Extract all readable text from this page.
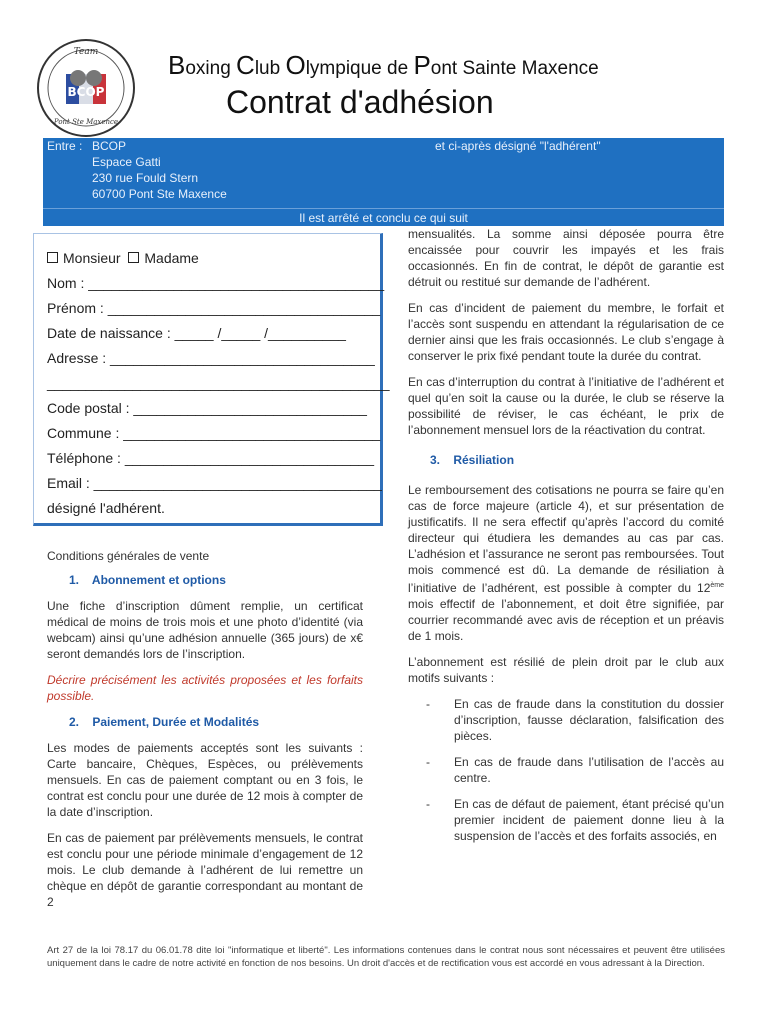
Team
BCOP
Pont Ste Maxence
Boxing Club Olympique de Pont Sainte Maxence
Contrat d'adhésion
Entre : BCOP
Espace Gatti
230 rue Fould Stern
60700 Pont Ste Maxence
et ci-après désigné "l'adhérent"
Il est arrêté et conclu ce qui suit
Monsieur Madame
Nom : ______________________________________
Prénom : ___________________________________
Date de naissance : _____ /_____ /__________
Adresse : __________________________________
____________________________________________
Code postal : ______________________________
Commune : _________________________________
Téléphone : ________________________________
Email : _____________________________________
désigné l'adhérent.

Conditions générales de vente

1.    Abonnement et options

Une fiche d’inscription dûment remplie, un certificat médical de moins de trois mois et une photo d’identité (via webcam) ainsi qu’une adhésion annuelle (365 jours) de x€ seront demandés lors de l’inscription.

Décrire précisément les activités proposées et les forfaits possible.

2.    Paiement, Durée et Modalités

Les modes de paiements acceptés sont les suivants : Carte bancaire, Chèques, Espèces, ou prélèvements mensuels. En cas de paiement comptant ou en 3 fois, le contrat est conclu pour une durée de 12 mois à compter de la date d’inscription.

En cas de paiement par prélèvements mensuels, le contrat est conclu pour une période minimale d’engagement de 12 mois. Le club demande à l’adhérent de lui remettre un chèque en dépôt de garantie correspondant au montant de 2

mensualités. La somme ainsi déposée pourra être encaissée pour couvrir les impayés et les frais occasionnés. En fin de contrat, le dépôt de garantie est détruit ou restitué sur demande de l’adhérent.

En cas d’incident de paiement du membre, le forfait et l’accès sont suspendu en attendant la régularisation de ce dernier ainsi que les frais occasionnés. Le club s’engage à conserver le prix fixé pendant toute la durée du contrat.

En cas d’interruption du contrat à l’initiative de l’adhérent et quel qu’en soit la cause ou la durée, le club se réserve la possibilité de réviser, le cas échéant, le prix de l’abonnement mensuel lors de la réactivation du contrat.

3.    Résiliation

Le remboursement des cotisations ne pourra se faire qu’en cas de force majeure (article 4), et sur présentation de justificatifs. Il ne sera effectif qu’après l’accord du comité directeur qui étudiera les demandes au cas par cas. L’adhésion et l’assurance ne seront pas remboursées. Tout mois commencé est dû. La demande de résiliation à l’initiative de l’adhérent, est possible à compter du 12ème mois effectif de l’abonnement, et doit être signifiée, par courrier recommandé avec avis de réception et un préavis de 1 mois.

L’abonnement est résilié de plein droit par le club aux motifs suivants :

- En cas de fraude dans la constitution du dossier d’inscription, fausse déclaration, falsification des pièces.

- En cas de fraude dans l’utilisation de l’accès au centre.

- En cas de défaut de paiement, étant précisé qu’un premier incident de paiement donne lieu à la suspension de l’accès et des forfaits associés, en

Art 27 de la loi 78.17 du 06.01.78 dite loi "informatique et liberté". Les informations contenues dans le contrat nous sont nécessaires et peuvent être utilisées uniquement dans le cadre de notre activité en fonction de nos besoins. Un droit d'accès et de rectification vous est accordé en vous adressant à la Direction.
